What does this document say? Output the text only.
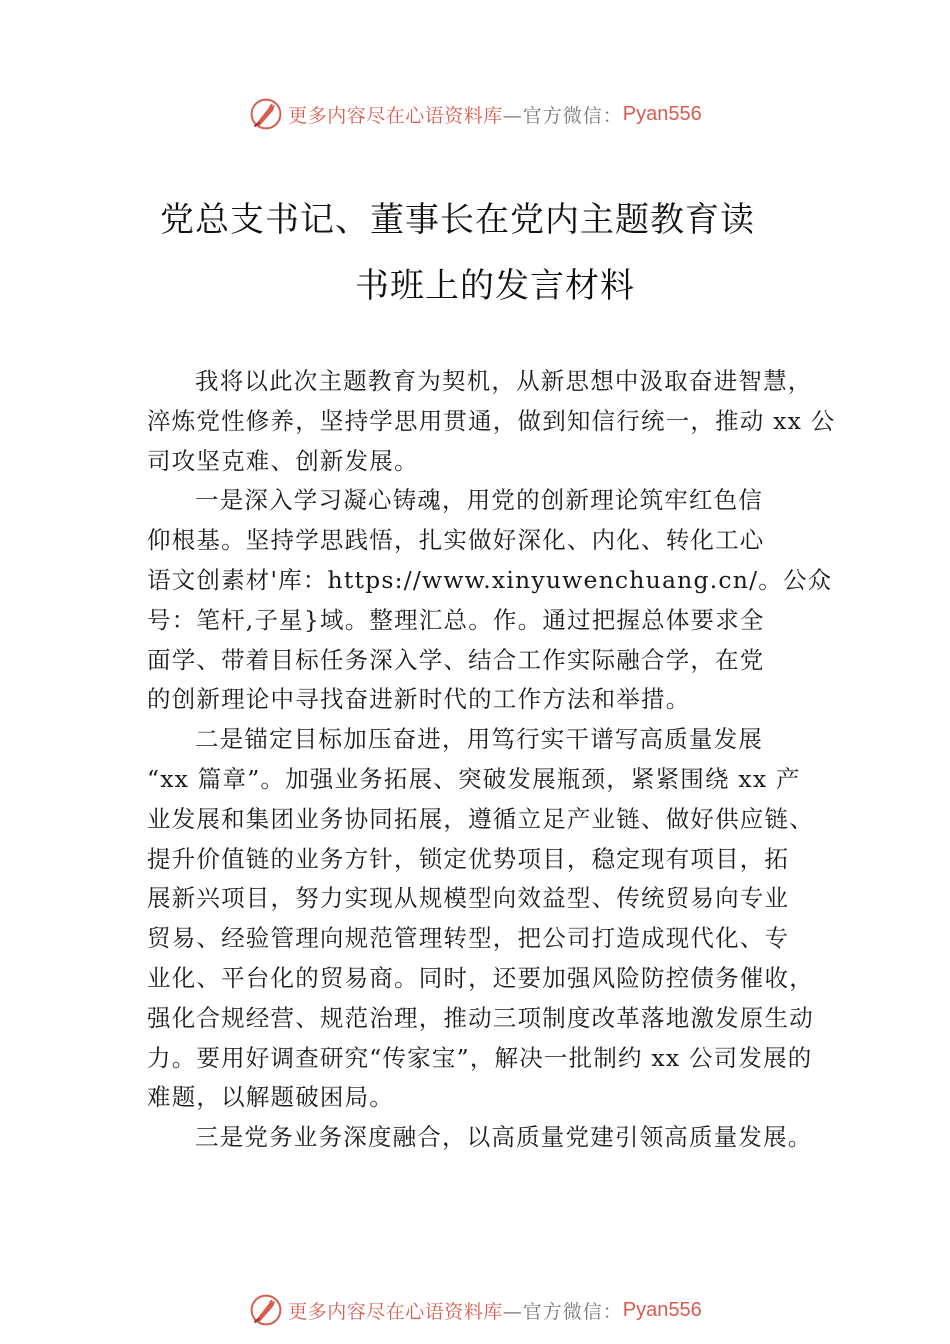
更多内容尽在心语资料库 —官方微信： Pyan556
党总支书记、董事长在党内主题教育读
书班上的发言材料
我将以此次主题教育为契机，从新思想中汲取奋进智慧，
淬炼党性修养，坚持学思用贯通，做到知信行统一，推动 xx 公
司攻坚克难、创新发展。
一是深入学习凝心铸魂，用党的创新理论筑牢红色信
仰根基。坚持学思践悟，扎实做好深化、内化、转化工心
语文创素材'库：https://www.xinyuwenchuang.cn/。公众
号：笔杆,子星}域。整理汇总。作。通过把握总体要求全
面学、带着目标任务深入学、结合工作实际融合学，在党
的创新理论中寻找奋进新时代的工作方法和举措。
二是锚定目标加压奋进，用笃行实干谱写高质量发展
“xx 篇章”。加强业务拓展、突破发展瓶颈，紧紧围绕 xx 产
业发展和集团业务协同拓展，遵循立足产业链、做好供应链、
提升价值链的业务方针，锁定优势项目，稳定现有项目，拓
展新兴项目，努力实现从规模型向效益型、传统贸易向专业
贸易、经验管理向规范管理转型，把公司打造成现代化、专
业化、平台化的贸易商。同时，还要加强风险防控债务催收，
强化合规经营、规范治理，推动三项制度改革落地激发原生动
力。要用好调查研究“传家宝”，解决一批制约 xx 公司发展的
难题，以解题破困局。
三是党务业务深度融合，以高质量党建引领高质量发展。
更多内容尽在心语资料库 —官方微信： Pyan556
